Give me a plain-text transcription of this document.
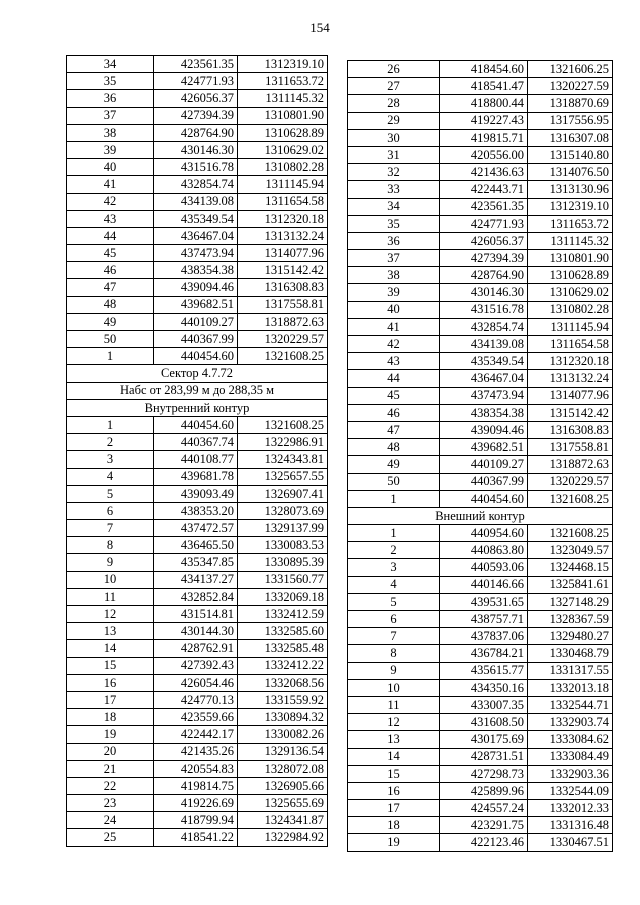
154
34	423561.35	1312319.10
35	424771.93	1311653.72
36	426056.37	1311145.32
37	427394.39	1310801.90
38	428764.90	1310628.89
39	430146.30	1310629.02
40	431516.78	1310802.28
41	432854.74	1311145.94
42	434139.08	1311654.58
43	435349.54	1312320.18
44	436467.04	1313132.24
45	437473.94	1314077.96
46	438354.38	1315142.42
47	439094.46	1316308.83
48	439682.51	1317558.81
49	440109.27	1318872.63
50	440367.99	1320229.57
1	440454.60	1321608.25
Сектор 4.7.72		
Набс от 283,99 м до 288,35 м		
Внутренний контур		
1	440454.60	1321608.25
2	440367.74	1322986.91
3	440108.77	1324343.81
4	439681.78	1325657.55
5	439093.49	1326907.41
6	438353.20	1328073.69
7	437472.57	1329137.99
8	436465.50	1330083.53
9	435347.85	1330895.39
10	434137.27	1331560.77
11	432852.84	1332069.18
12	431514.81	1332412.59
13	430144.30	1332585.60
14	428762.91	1332585.48
15	427392.43	1332412.22
16	426054.46	1332068.56
17	424770.13	1331559.92
18	423559.66	1330894.32
19	422442.17	1330082.26
20	421435.26	1329136.54
21	420554.83	1328072.08
22	419814.75	1326905.66
23	419226.69	1325655.69
24	418799.94	1324341.87
25	418541.22	1322984.92
26	418454.60	1321606.25
27	418541.47	1320227.59
28	418800.44	1318870.69
29	419227.43	1317556.95
30	419815.71	1316307.08
31	420556.00	1315140.80
32	421436.63	1314076.50
33	422443.71	1313130.96
34	423561.35	1312319.10
35	424771.93	1311653.72
36	426056.37	1311145.32
37	427394.39	1310801.90
38	428764.90	1310628.89
39	430146.30	1310629.02
40	431516.78	1310802.28
41	432854.74	1311145.94
42	434139.08	1311654.58
43	435349.54	1312320.18
44	436467.04	1313132.24
45	437473.94	1314077.96
46	438354.38	1315142.42
47	439094.46	1316308.83
48	439682.51	1317558.81
49	440109.27	1318872.63
50	440367.99	1320229.57
1	440454.60	1321608.25
Внешний контур		
1	440954.60	1321608.25
2	440863.80	1323049.57
3	440593.06	1324468.15
4	440146.66	1325841.61
5	439531.65	1327148.29
6	438757.71	1328367.59
7	437837.06	1329480.27
8	436784.21	1330468.79
9	435615.77	1331317.55
10	434350.16	1332013.18
11	433007.35	1332544.71
12	431608.50	1332903.74
13	430175.69	1333084.62
14	428731.51	1333084.49
15	427298.73	1332903.36
16	425899.96	1332544.09
17	424557.24	1332012.33
18	423291.75	1331316.48
19	422123.46	1330467.51
